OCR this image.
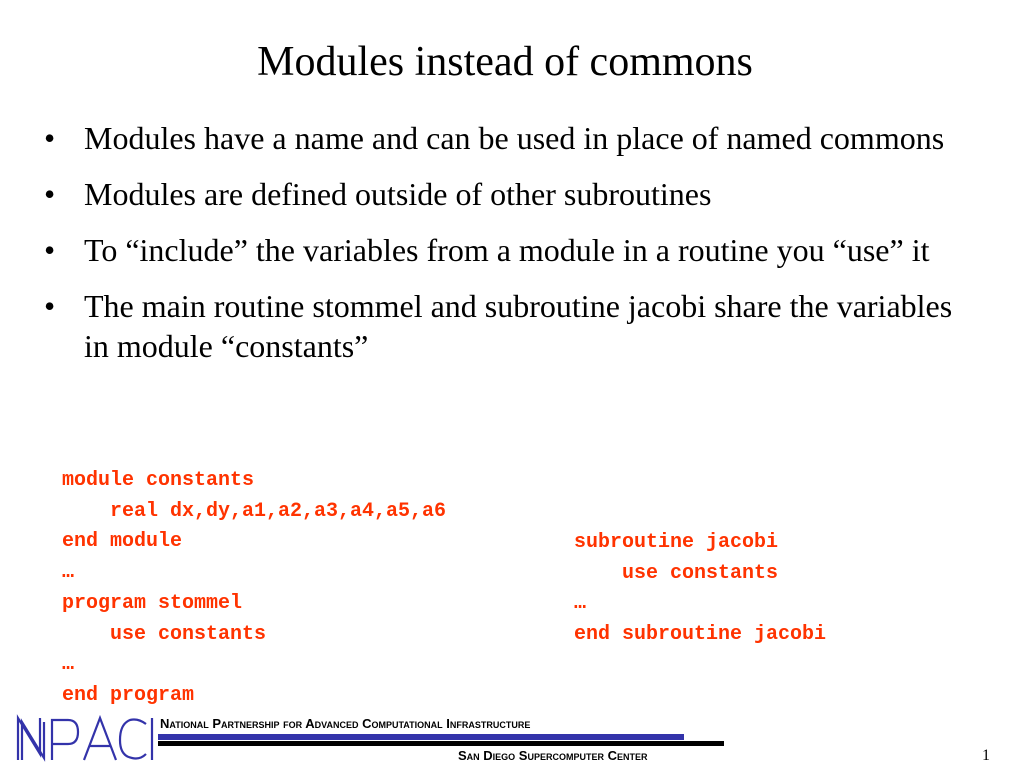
Modules instead of commons
• Modules have a name and can be used in place of named commons
• Modules are defined outside of other subroutines
• To “include” the variables from a module in a routine you “use” it
• The main routine stommel and subroutine jacobi share the variables in module “constants”
module constants
real dx,dy,a1,a2,a3,a4,a5,a6
end module
…
program stommel
use constants
…
end program
subroutine jacobi
use constants
…
end subroutine jacobi
NPACI
National Partnership for Advanced Computational Infrastructure
San Diego Supercomputer Center	1
